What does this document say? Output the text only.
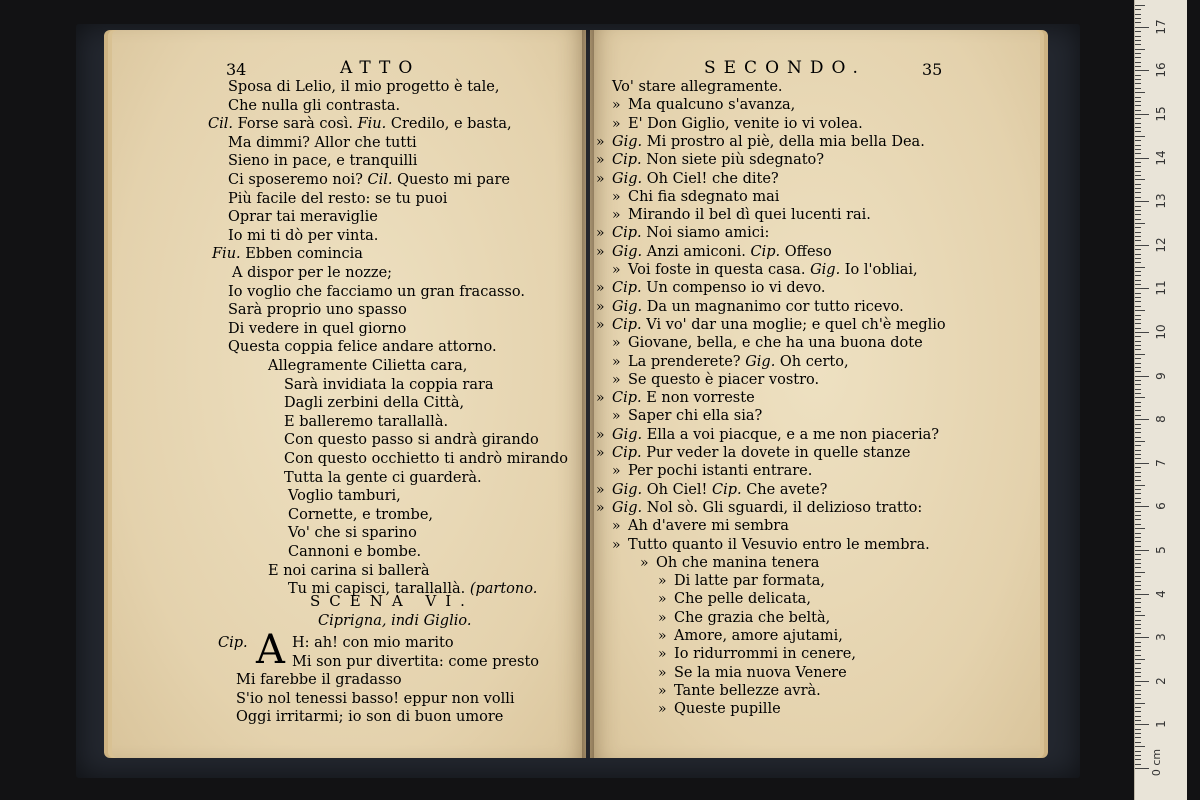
34	ATTO	SECONDO.	35
Sposa di Lelio, il mio progetto è tale,
Che nulla gli contrasta.
Cil. Forse sarà così. Fiu. Credilo, e basta,
Ma dimmi? Allor che tutti
Sieno in pace, e tranquilli
Ci sposeremo noi? Cil. Questo mi pare
Più facile del resto: se tu puoi
Oprar tai meraviglie
Io mi ti dò per vinta.
Fiu. Ebben comincia
A dispor per le nozze;
Io voglio che facciamo un gran fracasso.
Sarà proprio uno spasso
Di vedere in quel giorno
Questa coppia felice andare attorno.
Allegramente Cilietta cara,
Sarà invidiata la coppia rara
Dagli zerbini della Città,
E balleremo tarallallà.
Con questo passo si andrà girando
Con questo occhietto ti andrò mirando
Tutta la gente ci guarderà.
Voglio tamburi,
Cornette, e trombe,
Vo' che si sparino
Cannoni e bombe.
E noi carina si ballerà
Tu mi capisci, tarallallà. (partono.
Vo' stare allegramente.
» Ma qualcuno s'avanza,
» E' Don Giglio, venite io vi volea.
» Gig. Mi prostro al piè, della mia bella Dea.
» Cip. Non siete più sdegnato?
» Gig. Oh Ciel! che dite?
» Chi fia sdegnato mai
» Mirando il bel dì quei lucenti rai.
» Cip. Noi siamo amici:
» Gig. Anzi amiconi. Cip. Offeso
» Voi foste in questa casa. Gig. Io l'obliai,
» Cip. Un compenso io vi devo.
» Gig. Da un magnanimo cor tutto ricevo.
» Cip. Vi vo' dar una moglie; e quel ch'è meglio
» Giovane, bella, e che ha una buona dote
» La prenderete? Gig. Oh certo,
» Se questo è piacer vostro.
» Cip. E non vorreste
» Saper chi ella sia?
» Gig. Ella a voi piacque, e a me non piaceria?
» Cip. Pur veder la dovete in quelle stanze
» Per pochi istanti entrare.
» Gig. Oh Ciel! Cip. Che avete?
» Gig. Nol sò. Gli sguardi, il delizioso tratto:
» Ah d'avere mi sembra
» Tutto quanto il Vesuvio entro le membra.
» Oh che manina tenera
» Di latte par formata,
» Che pelle delicata,
» Che grazia che beltà,
» Amore, amore ajutami,
» Io ridurrommi in cenere,
» Se la mia nuova Venere
» Tante bellezze avrà.
» Queste pupille
SCENA VI.
Ciprigna, indi Giglio.
Cip. A H: ah! con mio marito
Mi son pur divertita: come presto
Mi farebbe il gradasso
S'io nol tenessi basso! eppur non volli
Oggi irritarmi; io son di buon umore	1
2
3
4
5
6
7
8
9
10
11
12
13
14
15
16
17
0 cm
